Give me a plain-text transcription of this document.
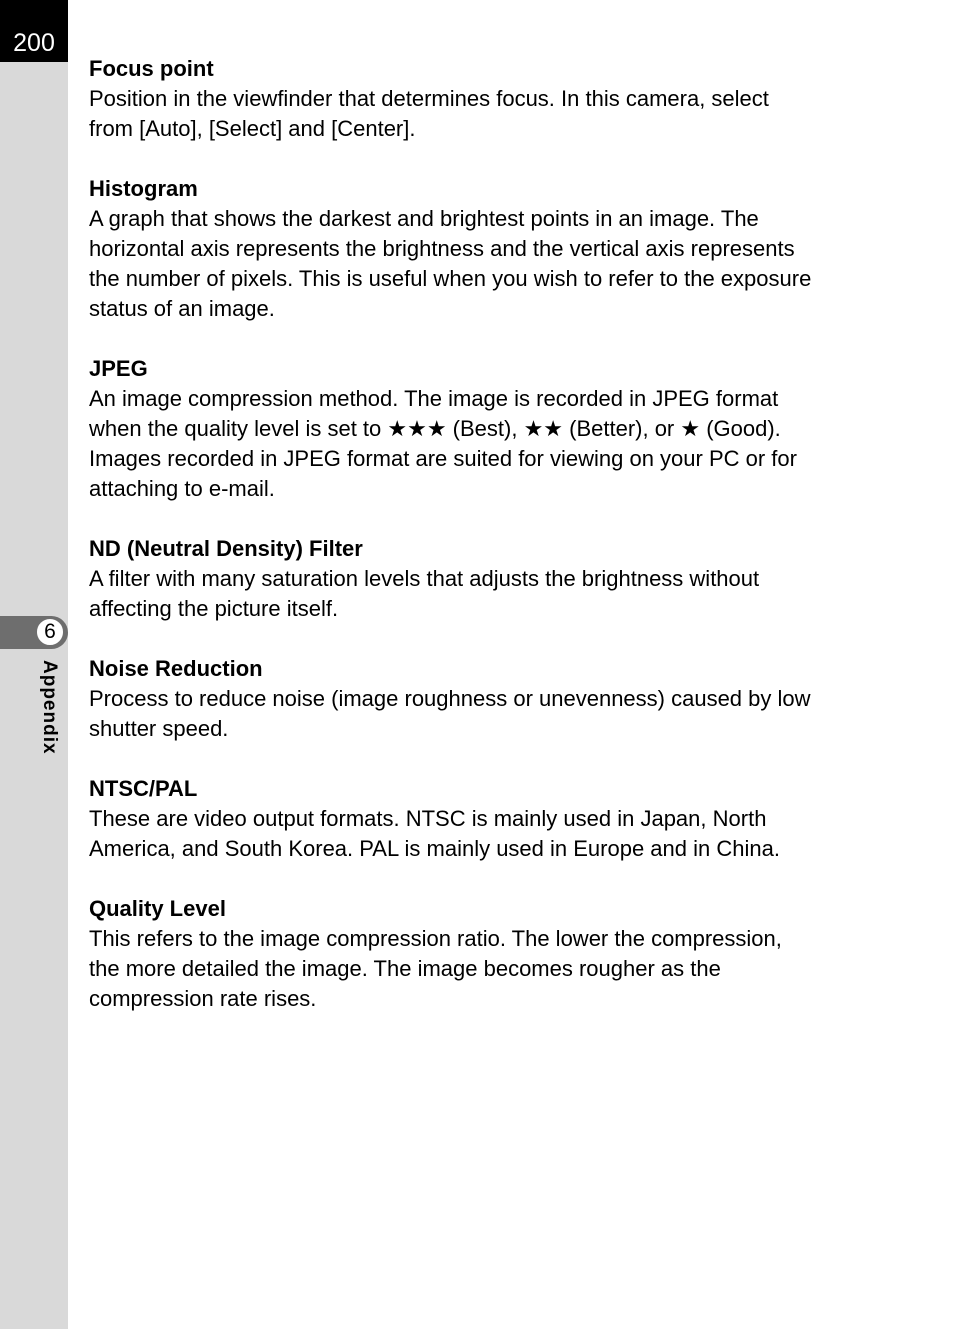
200
6
Appendix

Focus point

Position in the viewfinder that determines focus. In this camera, select
from [Auto], [Select] and [Center].

Histogram

A graph that shows the darkest and brightest points in an image. The
horizontal axis represents the brightness and the vertical axis represents
the number of pixels. This is useful when you wish to refer to the exposure
status of an image.

JPEG

An image compression method. The image is recorded in JPEG format
when the quality level is set to ★★★ (Best), ★★ (Better), or ★ (Good).
Images recorded in JPEG format are suited for viewing on your PC or for
attaching to e-mail.

ND (Neutral Density) Filter

A filter with many saturation levels that adjusts the brightness without
affecting the picture itself.

Noise Reduction

Process to reduce noise (image roughness or unevenness) caused by low
shutter speed.

NTSC/PAL

These are video output formats. NTSC is mainly used in Japan, North
America, and South Korea. PAL is mainly used in Europe and in China.

Quality Level

This refers to the image compression ratio. The lower the compression,
the more detailed the image. The image becomes rougher as the
compression rate rises.
